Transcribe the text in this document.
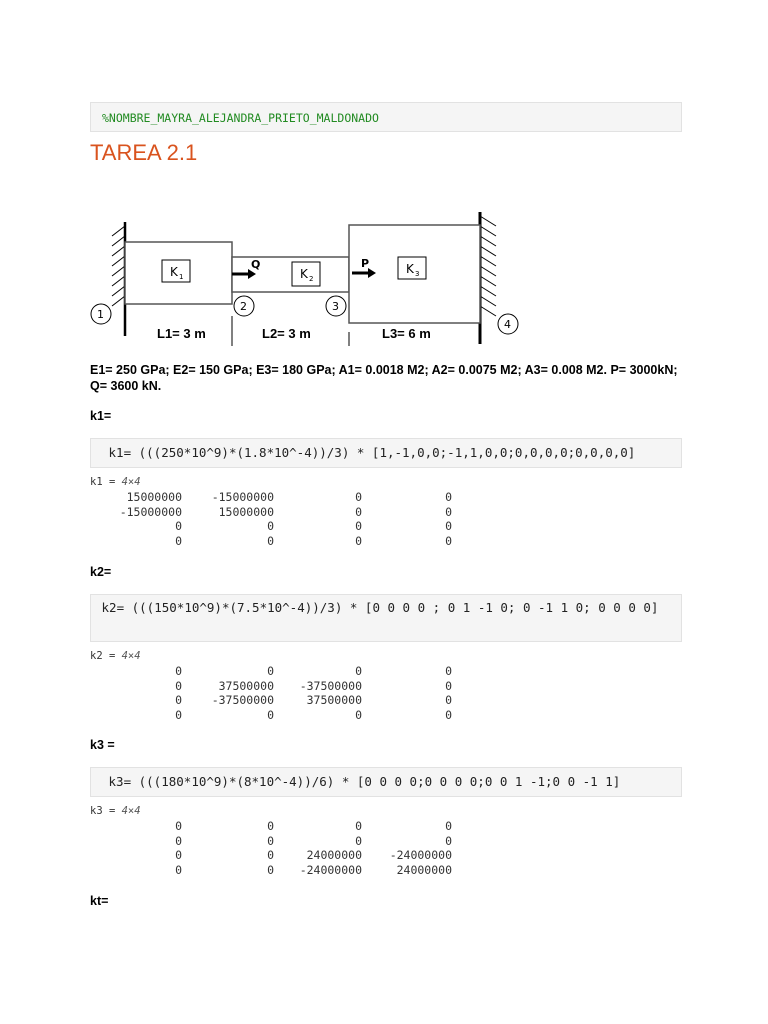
%NOMBRE_MAYRA_ALEJANDRA_PRIETO_MALDONADO
TAREA 2.1
K 1	K 2
K 3
Q	P
1
2	3
4
L1= 3 m	L2= 3 m	L3= 6 m
E1= 250 GPa; E2= 150 GPa; E3= 180 GPa; A1= 0.0018 M2; A2= 0.0075 M2; A3= 0.008 M2. P= 3000kN; Q= 3600 kN.
k1=
k1= (((250*10^9)*(1.8*10^-4))/3) * [1,-1,0,0;-1,1,0,0;0,0,0,0;0,0,0,0]
k1 = 4×4
15000000	-15000000	0	0
-15000000	15000000	0	0
0	0	0	0
0	0	0	0
k2=
k2= (((150*10^9)*(7.5*10^-4))/3) * [0 0 0 0 ; 0 1 -1 0; 0 -1 1 0; 0 0 0 0]
k2 = 4×4
0	0	0	0
0	37500000	-37500000	0
0	-37500000	37500000	0
0	0	0	0
k3 =
k3= (((180*10^9)*(8*10^-4))/6) * [0 0 0 0;0 0 0 0;0 0 1 -1;0 0 -1 1]
k3 = 4×4
0	0	0	0
0	0	0	0
0	0	24000000	-24000000
0	0	-24000000	24000000
kt=
